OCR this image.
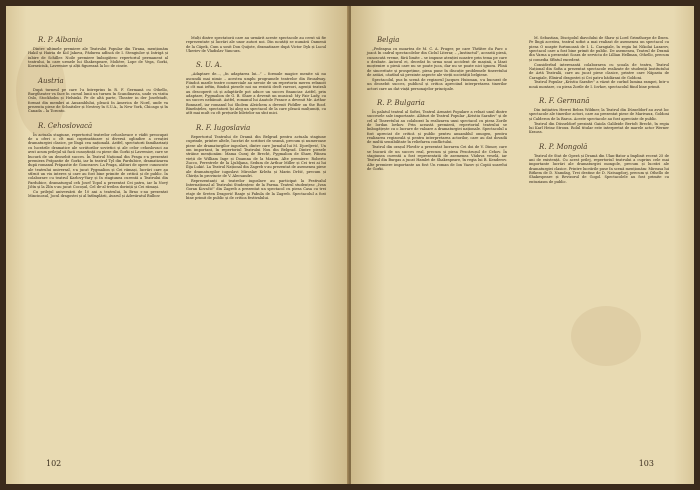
R. P. Albania

Dintre ultimele premiere ale Teatrului Popular din Tirana, menționăm Hakil și Hairia de Kol Jakova, Pădurea adîncă de I. Stengiulov și Intrigă și iubire de Schiller. Noile premiere îmbogățesc repertoriul permanent al teatrului, în care urmele lui Shakespeare, Molière, Lope de Vega, Gorki, Korneiciuk, Lavreniov și alții figurează la loc de cinste.

Austria

După turneul pe care l-a întreprins în R. F. Germană cu Othello, Burgtheater va face în cursul lunii un turneu în Scandinavia, unde va vizita Oslo, Stockholm și Helsinki. Pe de altă parte, Theater in der Josefstadt, format din membri ai Ansamblului, pleacă în America de Nord, unde va prezenta piese de Schnitzler și Nestroy în S.U.A., la New York, Chicago și în Canada – la Toronto.

R. Cehoslovacă

În actuala stagiune, repertoriul teatrelor cehoslovace e vădit preocupat de a oferi o cît mai cuprinzătoare și diversă oglindire a creației dramaturgiei clasice, pe lîngă cea națională. Astfel, spectatorii familiarizați cu lucrările dramatice ale scriitorilor sovietici și ale celor cehoslovaci au avut acum prilejul să facă cunoștință cu piese din Gorki și Lavreniov, care se bucură de un deosebit succes. În Teatrul Național din Praga s-a prezentat premiera Prăpastie de Gorki, iar în teatrul Tyl din Pardubice, dramatizarea după romanul Prăpastie de Goncearov. La Praga, alături de opere cunoscute ale teatrului universal, s-a jucat Pygmalion și Cei rămași, lucrări care au stîrnit un viu interes și care au fost bine primite de critică și de public. În colaborare cu teatrul Karlovy-Vary și în stagiunea curentă a Teatrului din Pardubice, dramaturgul ceh Josef Topol a prezentat Cei patru, iar la Nový Jičín și la Zlín s-au jucat Cocoșul, Cel de-al treilea dorință și Cei rămași.

Cu prilejul aniversării de 10 ani a teatrului, la Brno s-au prezentat Mincinosul, Jocul dragostei și al întîmplării, Avarul și Adevăratul Bulbov.

Mulți dintre spectatorii care au urmărit aceste spectacole au cerut să fie reprezentate și lucrări ale unor autori noi. Din noutăți se numără Oamenii de la Căpek, Cum a sosit Don Quijote, dramatizare după Victor Dyk și Lucul Ukeriev de Vladislav Vancura.

S. U. A.

„Adaptare de..., „în adaptarea lui...” – formule magice menite să nu ascundă mai nimic – acestea umplu programele teatrelor din Broadway. Fiindcă marile teatre comerciale au nevoie de un repertoriu mereu reînnoit și cît mai ieftin, fiindcă piesele noi nu rezistă decît rareori, agenții teatrali au descoperit că și adaptările pot aduce un succes financiar. Astfel, prin adaptare, Pygmalion de G. B. Shaw a devenit un musical: My Fair Lady, cu un succes nebănuit. Astfel, romanul lui Anatole France a devenit Mr. Arthur Bonnard, iar romanul lui Sholem Aleichem a devenit Fiddler on the Roof. Bineînțeles, spectatorii își aleg un spectacol de la care pleacă mulțumiți, cu atît mai mult cu cît prețurile biletelor nu sînt mici.

R. F. Iugoslavia

Repertoriul Teatrului de Dramă din Belgrad pentru actuala stagiune cuprinde, printre altele, lucrări de scriitori de seamă, precum și numeroase piese ale dramaturgilor iugoslavi, dintre care Jurnalul lui M. Djordjević, Un om important, în repertoriul Teatrului Nou din Belgrad. Dintre piesele străine menționăm: Mama Curaj de Brecht, Pygmalion de Shaw, Pâinea vieții de William Inge și Doamna de la Maxim. Alte premiere: Roberto Zucco, Ferestrele de la Ljubljana, Sedum de Arthur Miller și Cei trei ai lui Ilija Lukić. La Teatrul Național din Zagreb s-au prezentat de asemenea piese ale dramaturgilor iugoslavi Miroslav Krleža și Marin Držić, precum și Chirița în provincie de V. Alecsandri.

Reprezentanți ai teatrelor iugoslave au participat la Festivalul Internațional al Teatrului Studențesc de la Parma. Teatrul studențesc „Ivan Goran Kovačić” din Zagreb a prezentat un spectacol cu piesa Casa cu trei etaje de Sreten Dragović Ranje și Fabula de la Zagreb. Spectacolul a fost bine primit de public și de critica festivalului.

102
Belgia

„Pedeapsa cu moartea de M. C. A. Pruger, pe care Théâtre du Parc o joacă în cadrul spectacolelor din Ciclul Literar, – „Instinctul”, această piesă, cunoscută vreme, fără limite – se impune atenției noastre prin tema pe care o dezbate. Autorul ei, decedat în urma unui accident de mașină, a lăsat moștenire o piesă care nu se poate juca, dar nu se poate nici ignora. Plină de sinceritate și prospețime, piesa pune în discuție problemele tineretului de astăzi, căutînd să prezinte aspecte ale vieții societății belgiene.

Spectacolul, pus în scenă de regizorul Jacques Huisman, s-a bucurat de un deosebit succes, publicul și critica apreciind interpretarea tinerilor actori care au dat viață personajelor principale.

R. P. Bulgaria

În palatul teatral al Sofiei, Teatrul Armatei Populare a reluat unul dintre succesele sale importante. Alături de Teatrul Popular „Kristiu Sarafov” și de cel al Tineretului au colaborat la realizarea unui spectacol cu piesa Zorile de Iordan Iovkov. Prin această premieră, repertoriul teatrului se îmbogățește cu o lucrare de valoare a dramaturgiei naționale. Spectacolul a fost apreciat de critică și public pentru ansamblul omogen, pentru realizarea regizorală și pentru interpretarea actorilor, care au dat dovadă de multă sensibilitate în reliefarea conflictului.

Teatrul din orașul Plovdiv a prezentat lucrarea Cei doi de V. Dimov, care se bucură de un succes real, precum și piesa Pescărușul de Cehov. În stagiunea curentă a fost reprezentată de asemenea Văduva veselă, iar Teatrul din Burgas a jucat Hamlet de Shakespeare, în regia lui B. Kenderov. Alte premiere importante au fost Un roman de Ion Vazov și Copiii soarelui de Gorki.

M. Sebastian, Discipolul diavolului de Shaw și Lord Grimthorpe de Ibsen. Pe lîngă acestea, teatrul sofiot a mai realizat de asemenea un spectacol cu piesa O noapte furtunoasă de I. L. Caragiale, în regia lui Nikolai Lazarov, spectacol care a fost bine primit de public. De asemenea, Teatrul de Dramă din Varna a prezentat Scara de serviciu de Lillian Hellman, Othello, precum și comedia Sfîntul excedent.

Considerînd interesantă colaborarea cu școala de teatru, Teatrul Național din Sofia a prezentat spectacole realizate de studenții Institutului de Artă Teatrală, care au jucat piese clasice, printre care Năpasta de Caragiale, Elixirul dragostei și Cei patru bădărani de Goldoni.

Teatrul Popular „Kristiu Sarafov” a văzut de curînd lumina rampei, într-o nouă montare, cu piesa Zorile de I. Iovkov, spectacolul fiind bine primit.

R. F. Germană

Din inițiativa Herrei Bebra Wildner, la Teatrul din Düsseldorf au avut loc spectacole ale tinerilor actori, care au prezentat piese de Marivaux, Goldoni și Calderon de la Barca. Aceste spectacole au fost apreciate de public.

Teatrul din Düsseldorf prezintă Gaiola Galileide Bertolt Brecht, în regia lui Karl Heinz Stroux. Rolul titular este interpretat de marele actor Werner Krauss.

R. P. Mongolă

Teatrul de Stat de Operă și Dramă din Ulan-Bator a împlinit recent 25 de ani de existență. Cu acest prilej, repertoriul teatrului a cuprins cele mai importante lucrări ale dramaturgiei mongole, precum și lucrări ale dramaturgiei clasice. Printre lucrările puse în scenă menționăm: Mireasa lui Bitkem de D. Namdag, Trei destine de D. Natsagdorj, precum și Othello de Shakespeare și Revizorul de Gogol. Spectacolele au fost primite cu entuziasm de public.

103
